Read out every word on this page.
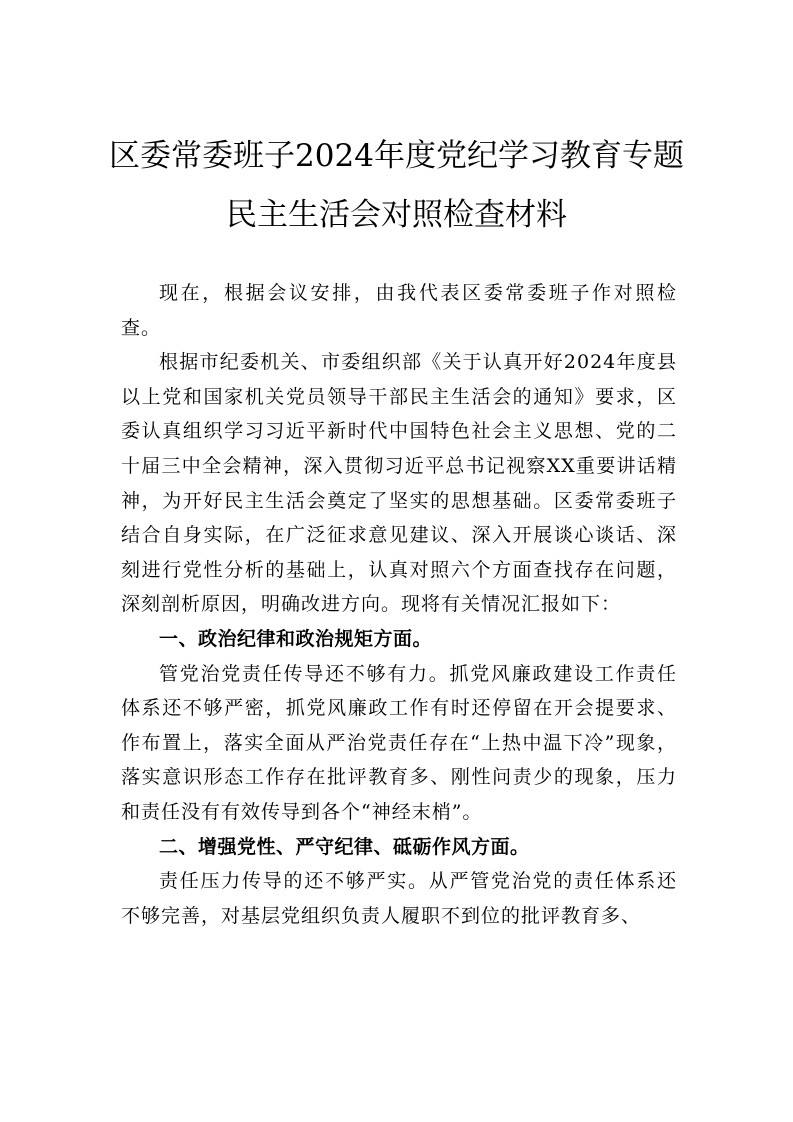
区委常委班子2024年度党纪学习教育专题
民主生活会对照检查材料

现在，根据会议安排，由我代表区委常委班子作对照检查。

根据市纪委机关、市委组织部《关于认真开好2024年度县以上党和国家机关党员领导干部民主生活会的通知》要求，区委认真组织学习习近平新时代中国特色社会主义思想、党的二十届三中全会精神，深入贯彻习近平总书记视察XX重要讲话精神，为开好民主生活会奠定了坚实的思想基础。区委常委班子结合自身实际，在广泛征求意见建议、深入开展谈心谈话、深刻进行党性分析的基础上，认真对照六个方面查找存在问题，深刻剖析原因，明确改进方向。现将有关情况汇报如下：

一、政治纪律和政治规矩方面。

管党治党责任传导还不够有力。抓党风廉政建设工作责任体系还不够严密，抓党风廉政工作有时还停留在开会提要求、作布置上，落实全面从严治党责任存在“上热中温下冷”现象，落实意识形态工作存在批评教育多、刚性问责少的现象，压力和责任没有有效传导到各个“神经末梢”。

二、增强党性、严守纪律、砥砺作风方面。

责任压力传导的还不够严实。从严管党治党的责任体系还不够完善，对基层党组织负责人履职不到位的批评教育多、
